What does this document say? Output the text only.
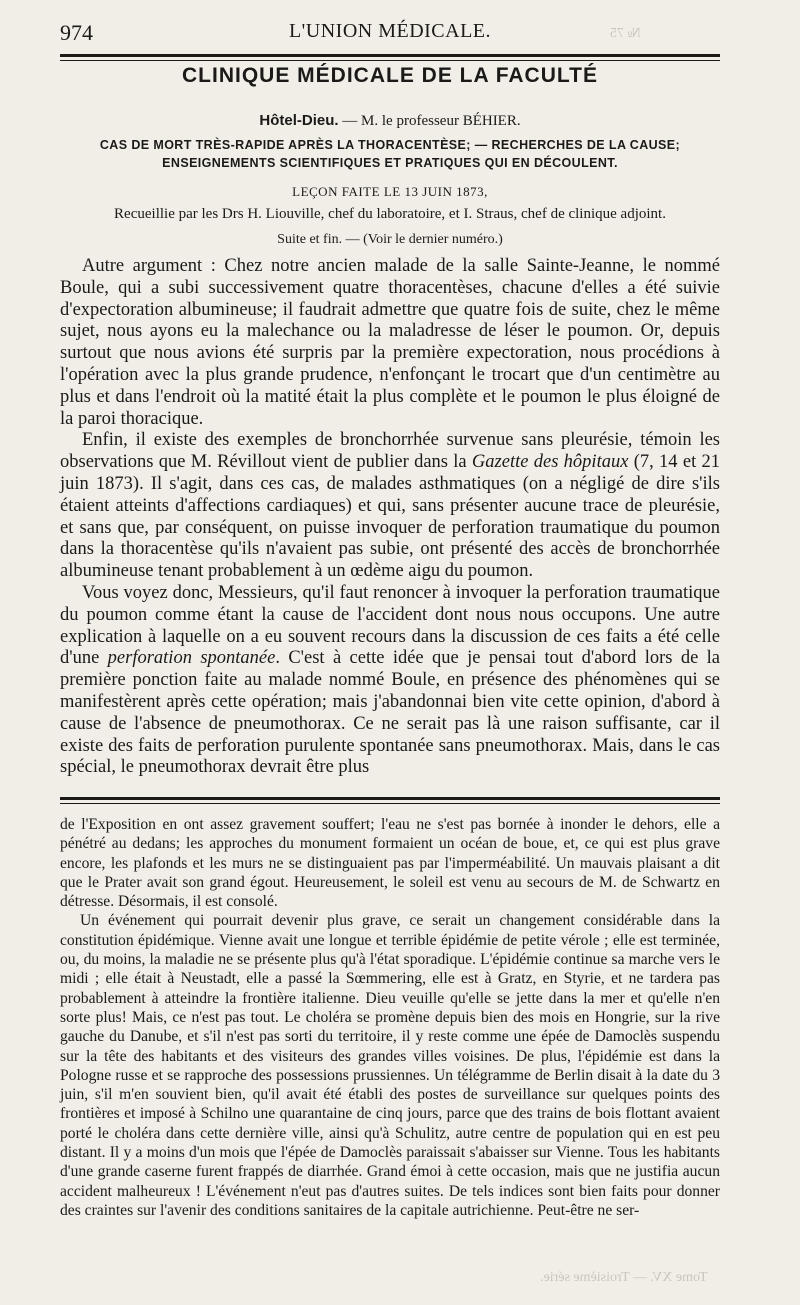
№ 75
Tome XV. — Troisième série.
974	L'UNION MÉDICALE.
CLINIQUE MÉDICALE DE LA FACULTÉ
Hôtel-Dieu. — M. le professeur BÉHIER.
CAS DE MORT TRÈS-RAPIDE APRÈS LA THORACENTÈSE; — RECHERCHES DE LA CAUSE;
ENSEIGNEMENTS SCIENTIFIQUES ET PRATIQUES QUI EN DÉCOULENT.
LEÇON FAITE LE 13 JUIN 1873,
Recueillie par les Drs H. Liouville, chef du laboratoire, et I. Straus, chef de clinique adjoint.
Suite et fin. — (Voir le dernier numéro.)

Autre argument : Chez notre ancien malade de la salle Sainte-Jeanne, le nommé Boule, qui a subi successivement quatre thoracentèses, chacune d'elles a été suivie d'expectoration albumineuse; il faudrait admettre que quatre fois de suite, chez le même sujet, nous ayons eu la malechance ou la maladresse de léser le poumon. Or, depuis surtout que nous avions été surpris par la première expectoration, nous procédions à l'opération avec la plus grande prudence, n'enfonçant le trocart que d'un centimètre au plus et dans l'endroit où la matité était la plus complète et le poumon le plus éloigné de la paroi thoracique.

Enfin, il existe des exemples de bronchorrhée survenue sans pleurésie, témoin les observations que M. Révillout vient de publier dans la Gazette des hôpitaux (7, 14 et 21 juin 1873). Il s'agit, dans ces cas, de malades asthmatiques (on a négligé de dire s'ils étaient atteints d'affections cardiaques) et qui, sans présenter aucune trace de pleurésie, et sans que, par conséquent, on puisse invoquer de perforation traumatique du poumon dans la thoracentèse qu'ils n'avaient pas subie, ont présenté des accès de bronchorrhée albumineuse tenant probablement à un œdème aigu du poumon.

Vous voyez donc, Messieurs, qu'il faut renoncer à invoquer la perforation traumatique du poumon comme étant la cause de l'accident dont nous nous occupons. Une autre explication à laquelle on a eu souvent recours dans la discussion de ces faits a été celle d'une perforation spontanée. C'est à cette idée que je pensai tout d'abord lors de la première ponction faite au malade nommé Boule, en présence des phénomènes qui se manifestèrent après cette opération; mais j'abandonnai bien vite cette opinion, d'abord à cause de l'absence de pneumothorax. Ce ne serait pas là une raison suffisante, car il existe des faits de perforation purulente spontanée sans pneumothorax. Mais, dans le cas spécial, le pneumothorax devrait être plus

de l'Exposition en ont assez gravement souffert; l'eau ne s'est pas bornée à inonder le dehors, elle a pénétré au dedans; les approches du monument formaient un océan de boue, et, ce qui est plus grave encore, les plafonds et les murs ne se distinguaient pas par l'imperméabilité. Un mauvais plaisant a dit que le Prater avait son grand égout. Heureusement, le soleil est venu au secours de M. de Schwartz en détresse. Désormais, il est consolé.

Un événement qui pourrait devenir plus grave, ce serait un changement considérable dans la constitution épidémique. Vienne avait une longue et terrible épidémie de petite vérole ; elle est terminée, ou, du moins, la maladie ne se présente plus qu'à l'état sporadique. L'épidémie continue sa marche vers le midi ; elle était à Neustadt, elle a passé la Sœmmering, elle est à Gratz, en Styrie, et ne tardera pas probablement à atteindre la frontière italienne. Dieu veuille qu'elle se jette dans la mer et qu'elle n'en sorte plus! Mais, ce n'est pas tout. Le choléra se promène depuis bien des mois en Hongrie, sur la rive gauche du Danube, et s'il n'est pas sorti du territoire, il y reste comme une épée de Damoclès suspendu sur la tête des habitants et des visiteurs des grandes villes voisines. De plus, l'épidémie est dans la Pologne russe et se rapproche des possessions prussiennes. Un télégramme de Berlin disait à la date du 3 juin, s'il m'en souvient bien, qu'il avait été établi des postes de surveillance sur quelques points des frontières et imposé à Schilno une quarantaine de cinq jours, parce que des trains de bois flottant avaient porté le choléra dans cette dernière ville, ainsi qu'à Schulitz, autre centre de population qui en est peu distant. Il y a moins d'un mois que l'épée de Damoclès paraissait s'abaisser sur Vienne. Tous les habitants d'une grande caserne furent frappés de diarrhée. Grand émoi à cette occasion, mais que ne justifia aucun accident malheureux ! L'événement n'eut pas d'autres suites. De tels indices sont bien faits pour donner des craintes sur l'avenir des conditions sanitaires de la capitale autrichienne. Peut-être ne ser-
